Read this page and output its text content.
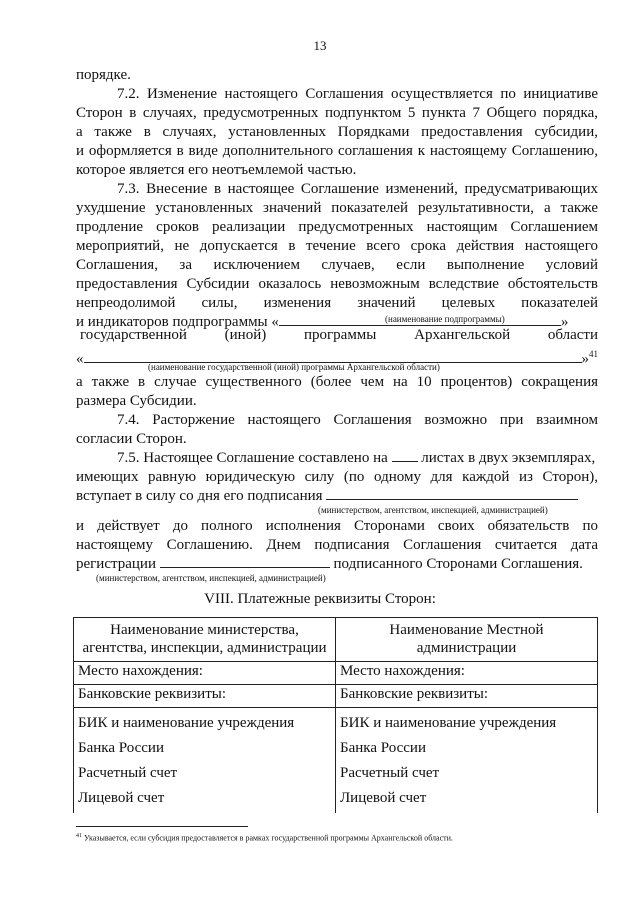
13
порядке.
7.2. Изменение настоящего Соглашения осуществляется по инициативе
Сторон в случаях, предусмотренных подпунктом 5 пункта 7 Общего порядка,
а также в случаях, установленных Порядками предоставления субсидии,
и оформляется в виде дополнительного соглашения к настоящему Соглашению,
которое является его неотъемлемой частью.
7.3. Внесение в настоящее Соглашение изменений, предусматривающих
ухудшение установленных значений показателей результативности, а также
продление сроков реализации предусмотренных настоящим Соглашением
мероприятий, не допускается в течение всего срока действия настоящего
Соглашения, за исключением случаев, если выполнение условий
предоставления Субсидии оказалось невозможным вследствие обстоятельств
непреодолимой силы, изменения значений целевых показателей
и индикаторов подпрограммы «	»
(наименование подпрограммы)
государственной (иной) программы Архангельской области
«	»$^{41}$
(наименование государственной (иной) программы Архангельской области)
а также в случае существенного (более чем на 10 процентов) сокращения
размера Субсидии.
7.4. Расторжение настоящего Соглашения возможно при взаимном
согласии Сторон.
7.5. Настоящее Соглашение составлено на листах в двух экземплярах,
имеющих равную юридическую силу (по одному для каждой из Сторон),
вступает в силу со дня его подписания
(министерством, агентством, инспекцией, администрацией)
и действует до полного исполнения Сторонами своих обязательств по
настоящему Соглашению. Днем подписания Соглашения считается дата
VIII. Платежные реквизиты Сторон:
Наименование министерства,
агентства, инспекции, администрации	Наименование Местной
администрации
Место нахождения:	Место нахождения:
Банковские реквизиты:	Банковские реквизиты:
БИК и наименование учреждения	БИК и наименование учреждения
Банка России	Банка России
Расчетный счет	Расчетный счет
Лицевой счет	Лицевой счет
$^{41}$ Указывается, если субсидия предоставляется в рамках государственной программы Архангельской области.
регистрации	подписанного Сторонами Соглашения.
(министерством, агентством, инспекцией, администрацией)
